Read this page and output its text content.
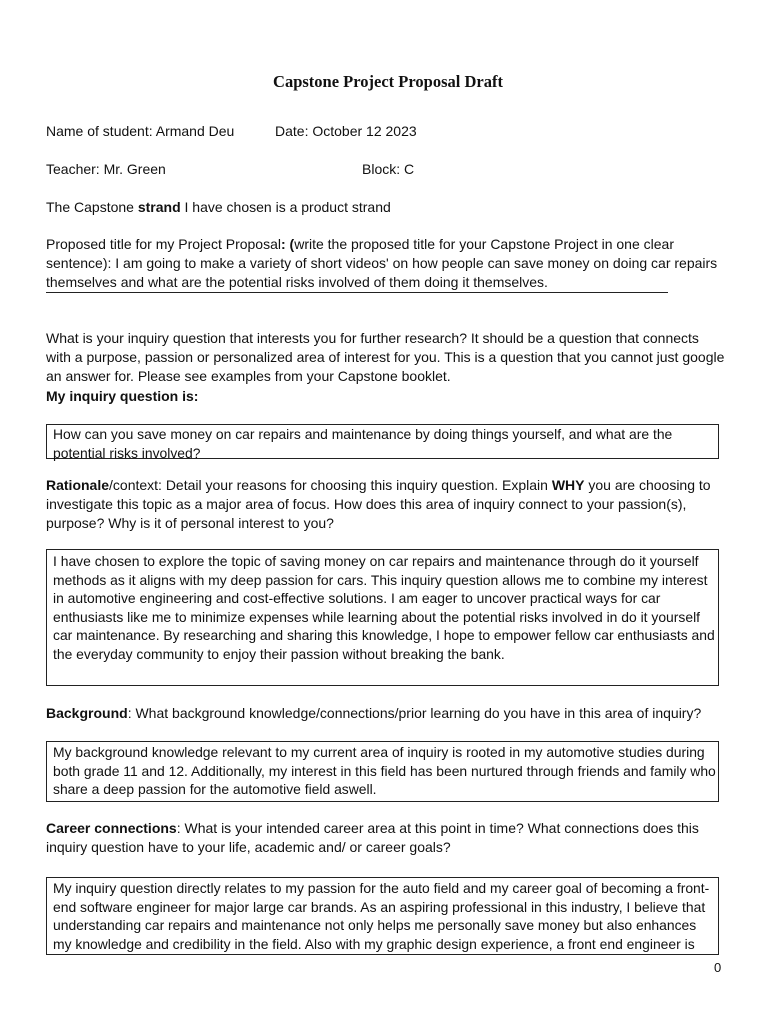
Capstone Project Proposal Draft
Name of student: Armand Deu	Date: October 12 2023
Teacher: Mr. Green	Block: C
The Capstone strand I have chosen is a product strand
Proposed title for my Project Proposal: (write the proposed title for your Capstone Project in one clear sentence): I am going to make a variety of short videos' on how people can save money on doing car repairs themselves and what are the potential risks involved of them doing it themselves.
What is your inquiry question that interests you for further research? It should be a question that connects with a purpose, passion or personalized area of interest for you. This is a question that you cannot just google an answer for. Please see examples from your Capstone booklet.
My inquiry question is:
How can you save money on car repairs and maintenance by doing things yourself, and what are the potential risks involved?
Rationale/context: Detail your reasons for choosing this inquiry question. Explain WHY you are choosing to investigate this topic as a major area of focus. How does this area of inquiry connect to your passion(s), purpose? Why is it of personal interest to you?
I have chosen to explore the topic of saving money on car repairs and maintenance through do it yourself methods as it aligns with my deep passion for cars. This inquiry question allows me to combine my interest in automotive engineering and cost-effective solutions. I am eager to uncover practical ways for car enthusiasts like me to minimize expenses while learning about the potential risks involved in do it yourself car maintenance. By researching and sharing this knowledge, I hope to empower fellow car enthusiasts and the everyday community to enjoy their passion without breaking the bank.
Background: What background knowledge/connections/prior learning do you have in this area of inquiry?
My background knowledge relevant to my current area of inquiry is rooted in my automotive studies during both grade 11 and 12. Additionally, my interest in this field has been nurtured through friends and family who share a deep passion for the automotive field aswell.
Career connections: What is your intended career area at this point in time? What connections does this inquiry question have to your life, academic and/ or career goals?
My inquiry question directly relates to my passion for the auto field and my career goal of becoming a front-end software engineer for major large car brands. As an aspiring professional in this industry, I believe that understanding car repairs and maintenance not only helps me personally save money but also enhances my knowledge and credibility in the field. Also with my graphic design experience, a front end engineer is
0
